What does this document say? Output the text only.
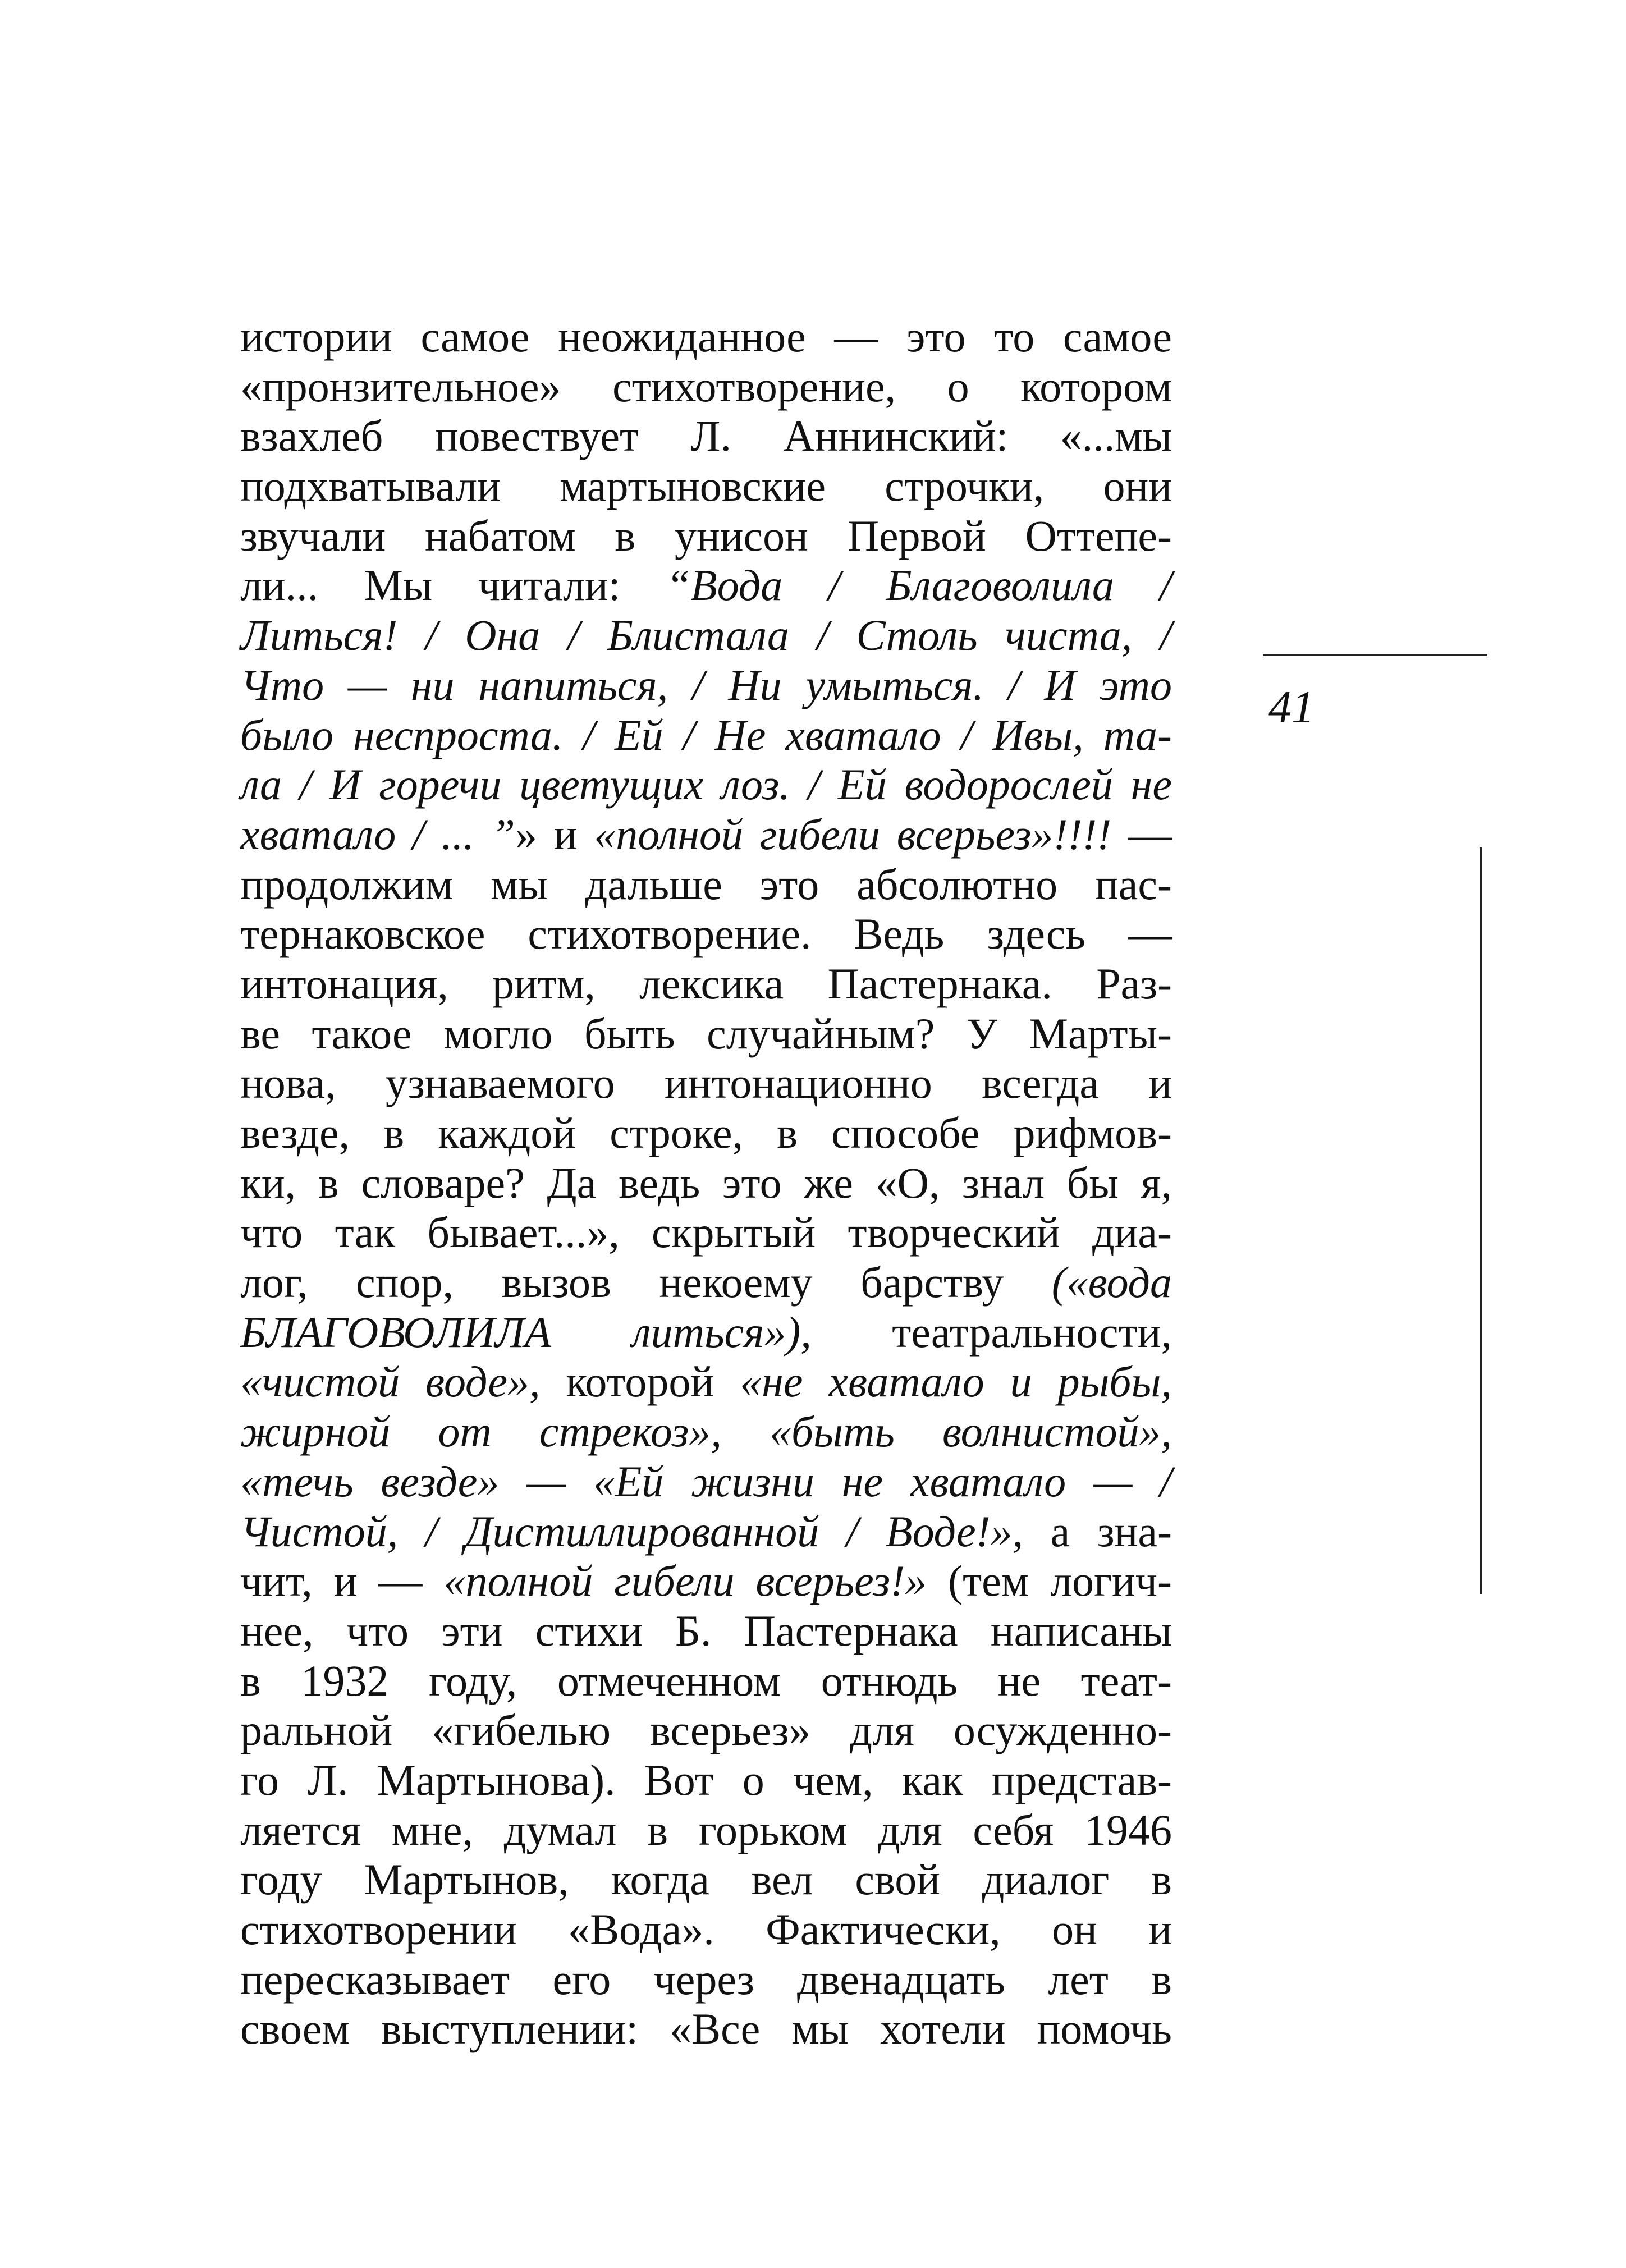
истории самое неожиданное — это то самое
«пронзительное» стихотворение, о котором
взахлеб повествует Л. Аннинский: «...мы
подхватывали мартыновские строчки, они
звучали набатом в унисон Первой Оттепе-
ли... Мы читали: “Вода / Благоволила /
Литься! / Она / Блистала / Столь чиста, /
Что — ни напиться, / Ни умыться. / И это
было неспроста. / Ей / Не хватало / Ивы, та-
ла / И горечи цветущих лоз. / Ей водорослей не
хватало / ... ”» и «полной гибели всерьез»!!!! —
продолжим мы дальше это абсолютно пас-
тернаковское стихотворение. Ведь здесь —
интонация, ритм, лексика Пастернака. Раз-
ве такое могло быть случайным? У Марты-
нова, узнаваемого интонационно всегда и
везде, в каждой строке, в способе рифмов-
ки, в словаре? Да ведь это же «О, знал бы я,
что так бывает...», скрытый творческий диа-
лог, спор, вызов некоему барству («вода
БЛАГОВОЛИЛА литься»), театральности,
«чистой воде», которой «не хватало и рыбы,
жирной от стрекоз», «быть волнистой»,
«течь везде» — «Ей жизни не хватало — /
Чистой, / Дистиллированной / Воде!», а зна-
чит, и — «полной гибели всерьез!» (тем логич-
нее, что эти стихи Б. Пастернака написаны
в 1932 году, отмеченном отнюдь не теат-
ральной «гибелью всерьез» для осужденно-
го Л. Мартынова). Вот о чем, как представ-
ляется мне, думал в горьком для себя 1946
году Мартынов, когда вел свой диалог в
стихотворении «Вода». Фактически, он и
пересказывает его через двенадцать лет в
своем выступлении: «Все мы хотели помочь
41
